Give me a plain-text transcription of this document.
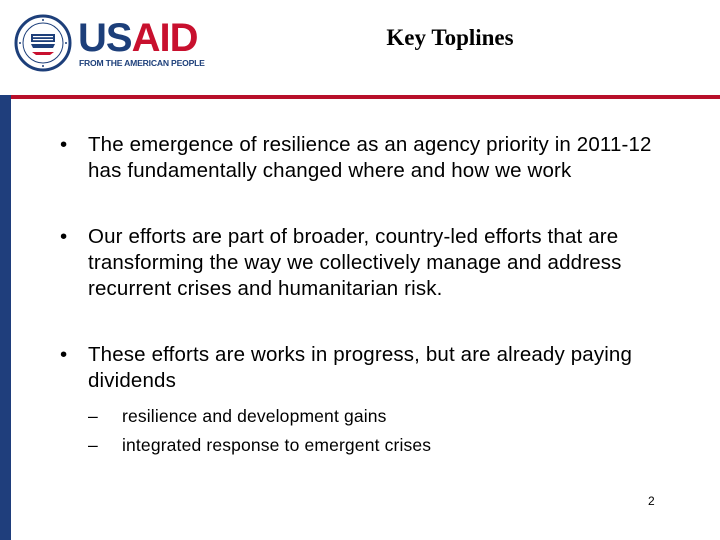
USAID
FROM THE AMERICAN PEOPLE
Key Toplines
• The emergence of resilience as an agency priority in 2011-12 has fundamentally changed where and how we work
• Our efforts are part of broader, country-led efforts that are transforming the way we collectively manage and address recurrent crises and humanitarian risk.
• These efforts are works in progress, but are already paying dividends
– resilience and development gains
– integrated response to emergent crises
2
